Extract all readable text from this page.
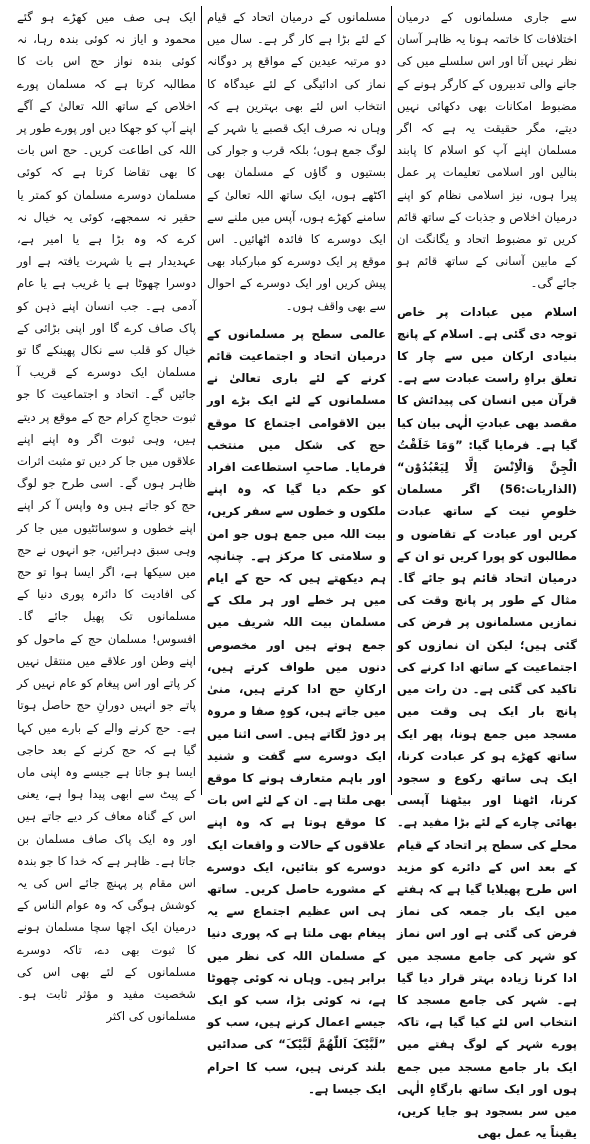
سے جاری مسلمانوں کے درمیان اختلافات کا خاتمہ ہونا یہ ظاہر آسان نظر نہیں آتا اور اس سلسلے میں کی جانے والی تدبیروں کے کارگر ہونے کے مضبوط امکانات بھی دکھائی نہیں دیتے، مگر حقیقت یہ ہے کہ اگر مسلمان اپنے آپ کو اسلام کا پابند بنالیں اور اسلامی تعلیمات پر عمل پیرا ہوں، نیز اسلامی نظام کو اپنے درمیان اخلاص و جذبات کے ساتھ قائم کریں تو مضبوط اتحاد و یگانگت ان کے مابین آسانی کے ساتھ قائم ہو جائے گی۔

اسلام میں عبادات پر خاص توجہ دی گئی ہے۔ اسلام کے پانچ بنیادی ارکان میں سے چار کا تعلق براہِ راست عبادت سے ہے۔ قرآن میں انسان کی پیدائش کا مقصد بھی عبادتِ الٰہی بیان کیا گیا ہے۔ فرمایا گیا: ”وَمَا خَلَقْتُ الْجِنَّ وَالْاِنْسَ اِلَّا لِیَعْبُدُوْن“ (الذاریات:56) اگر مسلمان خلوصِ نیت کے ساتھ عبادت کریں اور عبادت کے تقاضوں و مطالبوں کو پورا کریں تو ان کے درمیان اتحاد قائم ہو جائے گا۔ مثال کے طور پر پانچ وقت کی نمازیں مسلمانوں پر فرض کی گئی ہیں؛ لیکن ان نمازوں کو اجتماعیت کے ساتھ ادا کرنے کی تاکید کی گئی ہے۔ دن رات میں پانچ بار ایک ہی وقت میں مسجد میں جمع ہونا، پھر ایک ساتھ کھڑے ہو کر عبادت کرنا، ایک ہی ساتھ رکوع و سجود کرنا، اٹھنا اور بیٹھنا آپسی بھائی چارے کے لئے بڑا مفید ہے۔ محلے کی سطح پر اتحاد کے قیام کے بعد اس کے دائرے کو مزید اس طرح پھیلایا گیا ہے کہ ہفتے میں ایک بار جمعہ کی نماز فرض کی گئی ہے اور اس نماز کو شہر کی جامع مسجد میں ادا کرنا زیادہ بہتر قرار دیا گیا ہے۔ شہر کی جامع مسجد کا انتخاب اس لئے کیا گیا ہے، تاکہ پورے شہر کے لوگ ہفتے میں ایک بار جامع مسجد میں جمع ہوں اور ایک ساتھ بارگاہِ الٰہی میں سر بسجود ہو جایا کریں، یقیناً یہ عمل بھی

مسلمانوں کے درمیان اتحاد کے قیام کے لئے بڑا ہے کار گر ہے۔ سال میں دو مرتبہ عیدین کے مواقع پر دوگانہ نماز کی ادائیگی کے لئے عیدگاہ کا انتخاب اس لئے بھی بہترین ہے کہ وہاں نہ صرف ایک قصبے یا شہر کے لوگ جمع ہوں؛ بلکہ قرب و جوار کی بستیوں و گاؤں کے مسلمان بھی اکٹھے ہوں، ایک ساتھ اللہ تعالیٰ کے سامنے کھڑے ہوں، آپس میں ملنے سے ایک دوسرے کا فائدہ اٹھائیں۔ اس موقع پر ایک دوسرے کو مبارکباد بھی پیش کریں اور ایک دوسرے کے احوال سے بھی واقف ہوں۔

عالمی سطح پر مسلمانوں کے درمیان اتحاد و اجتماعیت قائم کرنے کے لئے باری تعالیٰ نے مسلمانوں کے لئے ایک بڑے اور بین الاقوامی اجتماع کا موقع حج کی شکل میں منتخب فرمایا۔ صاحبِ استطاعت افراد کو حکم دیا گیا کہ وہ اپنے ملکوں و خطوں سے سفر کریں، بیت اللہ میں جمع ہوں جو امن و سلامتی کا مرکز ہے۔ چنانچہ ہم دیکھتے ہیں کہ حج کے ایام میں ہر خطے اور ہر ملک کے مسلمان بیت اللہ شریف میں جمع ہوتے ہیں اور مخصوص دنوں میں طواف کرتے ہیں، ارکانِ حج ادا کرتے ہیں، منیٰ میں جاتے ہیں، کوہِ صفا و مروہ پر دوڑ لگاتے ہیں۔ اسی اثنا میں ایک دوسرے سے گفت و شنید اور باہم متعارف ہونے کا موقع بھی ملتا ہے۔ ان کے لئے اس بات کا موقع ہوتا ہے کہ وہ اپنے علاقوں کے حالات و واقعات ایک دوسرے کو بتائیں، ایک دوسرے کے مشورے حاصل کریں۔ ساتھ ہی اس عظیم اجتماع سے یہ پیغام بھی ملتا ہے کہ پوری دنیا کے مسلمان اللہ کی نظر میں برابر ہیں۔ وہاں نہ کوئی چھوٹا ہے، نہ کوئی بڑا، سب کو ایک جیسے اعمال کرنے ہیں، سب کو ”لَبَّیْکَ اَللّٰھُمَّ لَبَّیْکَ“ کی صدائیں بلند کرنی ہیں، سب کا احرام ایک جیسا ہے۔

ایک ہی صف میں کھڑے ہو گئے محمود و ایاز نہ کوئی بندہ رہا، نہ کوئی بندہ نواز حج اس بات کا مطالبہ کرتا ہے کہ مسلمان پورے اخلاص کے ساتھ اللہ تعالیٰ کے آگے اپنے آپ کو جھکا دیں اور پورے طور پر اللہ کی اطاعت کریں۔ حج اس بات کا بھی تقاضا کرتا ہے کہ کوئی مسلمان دوسرے مسلمان کو کمتر یا حقیر نہ سمجھے، کوئی یہ خیال نہ کرے کہ وہ بڑا ہے یا امیر ہے، عہدیدار ہے یا شہرت یافتہ ہے اور دوسرا چھوٹا ہے یا غریب ہے یا عام آدمی ہے۔ جب انسان اپنے ذہن کو پاک صاف کرے گا اور اپنی بڑائی کے خیال کو قلب سے نکال پھینکے گا تو مسلمان ایک دوسرے کے قریب آ جائیں گے۔ اتحاد و اجتماعیت کا جو ثبوت حجاجِ کرام حج کے موقع پر دیتے ہیں، وہی ثبوت اگر وہ اپنے اپنے علاقوں میں جا کر دیں تو مثبت اثرات ظاہر ہوں گے۔ اسی طرح جو لوگ حج کو جاتے ہیں وہ واپس آ کر اپنے اپنے خطوں و سوسائٹیوں میں جا کر وہی سبق دہرائیں، جو انہوں نے حج میں سیکھا ہے، اگر ایسا ہوا تو حج کی افادیت کا دائرہ پوری دنیا کے مسلمانوں تک پھیل جائے گا۔ افسوس! مسلمان حج کے ماحول کو اپنے وطن اور علاقے میں منتقل نہیں کر پاتے اور اس پیغام کو عام نہیں کر پاتے جو انہیں دورانِ حج حاصل ہوتا ہے۔ حج کرنے والے کے بارے میں کہا گیا ہے کہ حج کرنے کے بعد حاجی ایسا ہو جاتا ہے جیسے وہ اپنی ماں کے پیٹ سے ابھی پیدا ہوا ہے، یعنی اس کے گناہ معاف کر دیے جاتے ہیں اور وہ ایک پاک صاف مسلمان بن جاتا ہے۔ ظاہر ہے کہ خدا کا جو بندہ اس مقام پر پہنچ جائے اس کی یہ کوشش ہوگی کہ وہ عوام الناس کے درمیان ایک اچھا سچا مسلمان ہونے کا ثبوت بھی دے، تاکہ دوسرے مسلمانوں کے لئے بھی اس کی شخصیت مفید و مؤثر ثابت ہو۔ مسلمانوں کی اکثر
